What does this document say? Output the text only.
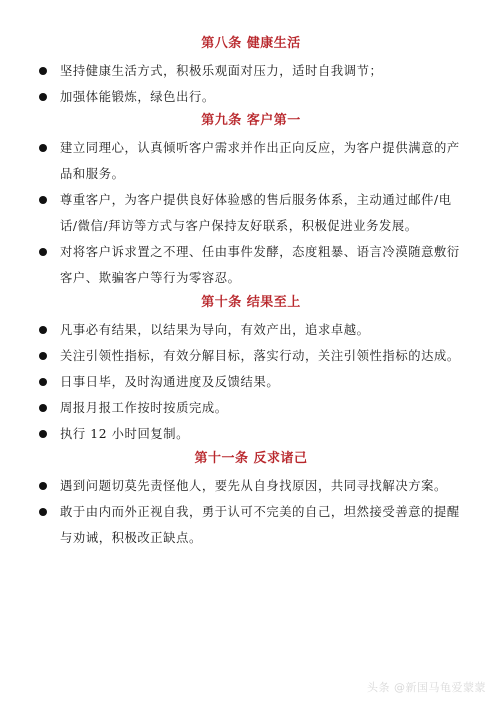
第八条 健康生活
坚持健康生活方式，积极乐观面对压力，适时自我调节；
加强体能锻炼，绿色出行。
第九条 客户第一
建立同理心，认真倾听客户需求并作出正向反应，为客户提供满意的产品和服务。
尊重客户，为客户提供良好体验感的售后服务体系，主动通过邮件/电话/微信/拜访等方式与客户保持友好联系，积极促进业务发展。
对将客户诉求置之不理、任由事件发酵，态度粗暴、语言冷漠随意敷衍客户、欺骗客户等行为零容忍。
第十条 结果至上
凡事必有结果，以结果为导向，有效产出，追求卓越。
关注引领性指标，有效分解目标，落实行动，关注引领性指标的达成。
日事日毕，及时沟通进度及反馈结果。
周报月报工作按时按质完成。
执行 12 小时回复制。
第十一条 反求诸己
遇到问题切莫先责怪他人，要先从自身找原因，共同寻找解决方案。
敢于由内而外正视自我，勇于认可不完美的自己，坦然接受善意的提醒与劝诫，积极改正缺点。
头条 @新国马龟爱蒙蒙
